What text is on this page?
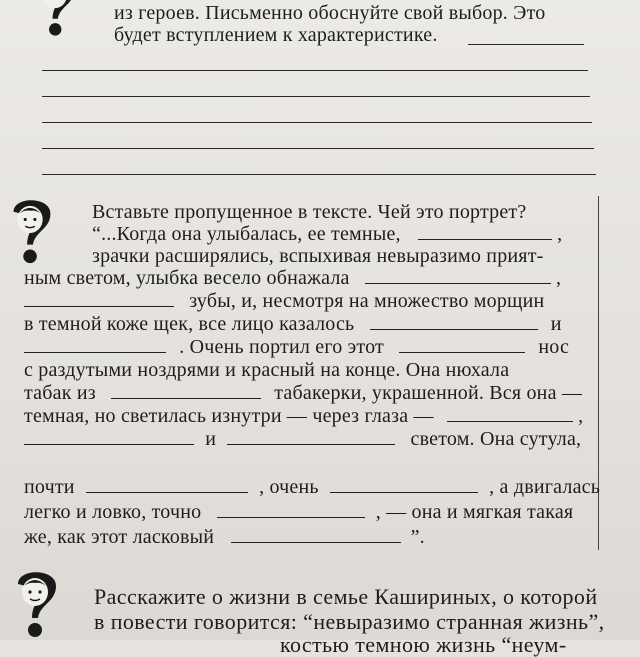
из героев. Письменно обоснуйте свой выбор. Это
будет вступлением к характеристике.
Вставьте пропущенное в тексте. Чей это портрет?
“...Когда она улыбалась, ее темные,	,
зрачки расширялись, вспыхивая невыразимо прият-
ным светом, улыбка весело обнажала	,
зубы, и, несмотря на множество морщин
в темной коже щек, все лицо казалось	и
. Очень портил его этот	нос
с раздутыми ноздрями и красный на конце. Она нюхала
табак из	табакерки, украшенной. Вся она —
темная, но светилась изнутри — через глаза —	,
и	светом. Она сутула,
почти	, очень	, а двигалась
легко и ловко, точно	, — она и мягкая такая
же, как этот ласковый	”.
Расскажите о жизни в семье Кашириных, о которой
в повести говорится: “невыразимо странная жизнь”,
костью темною жизнь “неум-
